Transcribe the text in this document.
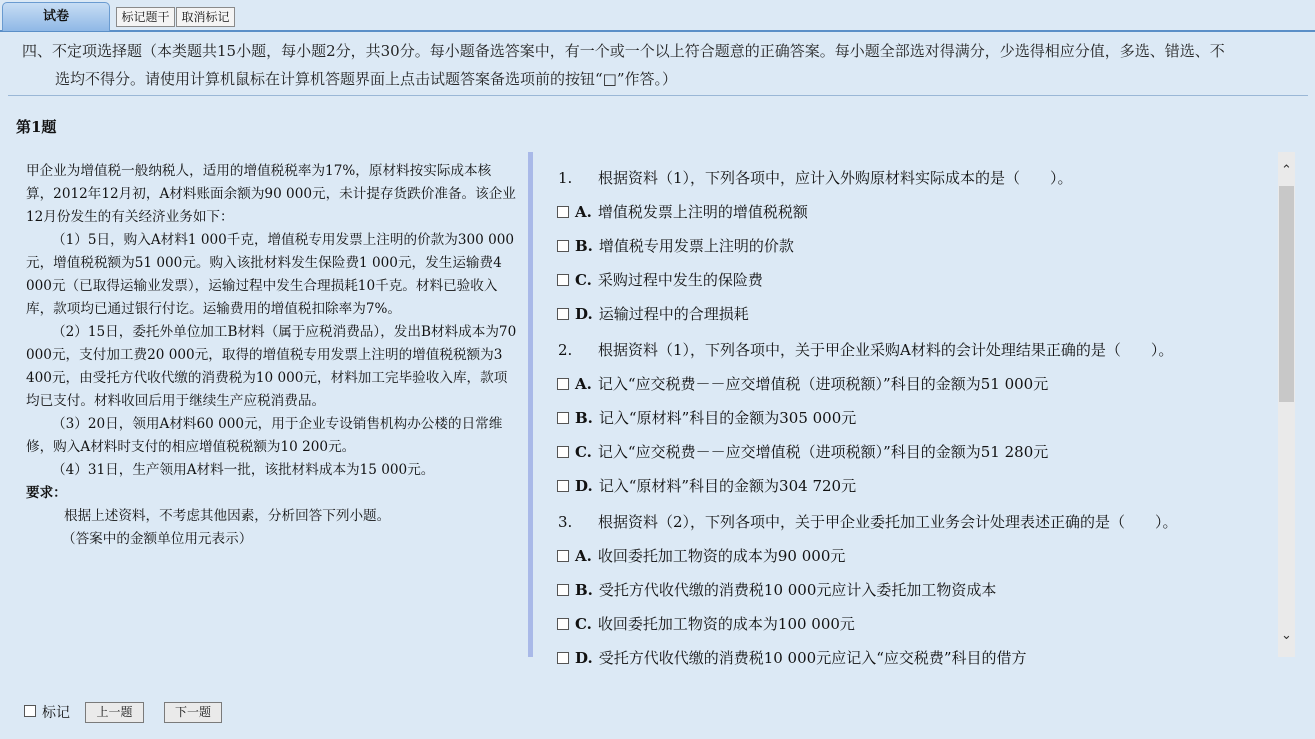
试卷	标记题干 取消标记
四、不定项选择题（本类题共15小题，每小题2分，共30分。每小题备选答案中，有一个或一个以上符合题意的正确答案。每小题全部选对得满分，少选得相应分值，多选、错选、不
选均不得分。请使用计算机鼠标在计算机答题界面上点击试题答案备选项前的按钮“□”作答。）
第1题

甲企业为增值税一般纳税人，适用的增值税税率为17%，原材料按实际成本核算，2012年12月初，A材料账面余额为90 000元，未计提存货跌价准备。该企业12月份发生的有关经济业务如下：

（1）5日，购入A材料1 000千克，增值税专用发票上注明的价款为300 000元，增值税税额为51 000元。购入该批材料发生保险费1 000元，发生运输费4 000元（已取得运输业发票），运输过程中发生合理损耗10千克。材料已验收入库，款项均已通过银行付讫。运输费用的增值税扣除率为7%。

（2）15日，委托外单位加工B材料（属于应税消费品），发出B材料成本为70 000元，支付加工费20 000元，取得的增值税专用发票上注明的增值税税额为3 400元，由受托方代收代缴的消费税为10 000元，材料加工完毕验收入库，款项均已支付。材料收回后用于继续生产应税消费品。

（3）20日，领用A材料60 000元，用于企业专设销售机构办公楼的日常维修，购入A材料时支付的相应增值税税额为10 200元。

（4）31日，生产领用A材料一批，该批材料成本为15 000元。

要求：

根据上述资料，不考虑其他因素，分析回答下列小题。

（答案中的金额单位用元表示）

1. 根据资料（1），下列各项中，应计入外购原材料实际成本的是（　　）。
A. 增值税发票上注明的增值税税额
B. 增值税专用发票上注明的价款
C. 采购过程中发生的保险费
D. 运输过程中的合理损耗
2. 根据资料（1），下列各项中，关于甲企业采购A材料的会计处理结果正确的是（　　）。
A. 记入“应交税费－－应交增值税（进项税额）”科目的金额为51 000元
B. 记入“原材料”科目的金额为305 000元
C. 记入“应交税费－－应交增值税（进项税额）”科目的金额为51 280元
D. 记入“原材料”科目的金额为304 720元
3. 根据资料（2），下列各项中，关于甲企业委托加工业务会计处理表述正确的是（　　）。
A. 收回委托加工物资的成本为90 000元
B. 受托方代收代缴的消费税10 000元应计入委托加工物资成本
C. 收回委托加工物资的成本为100 000元
D. 受托方代收代缴的消费税10 000元应记入“应交税费”科目的借方
⌃
⌄
标记	上一题	下一题
